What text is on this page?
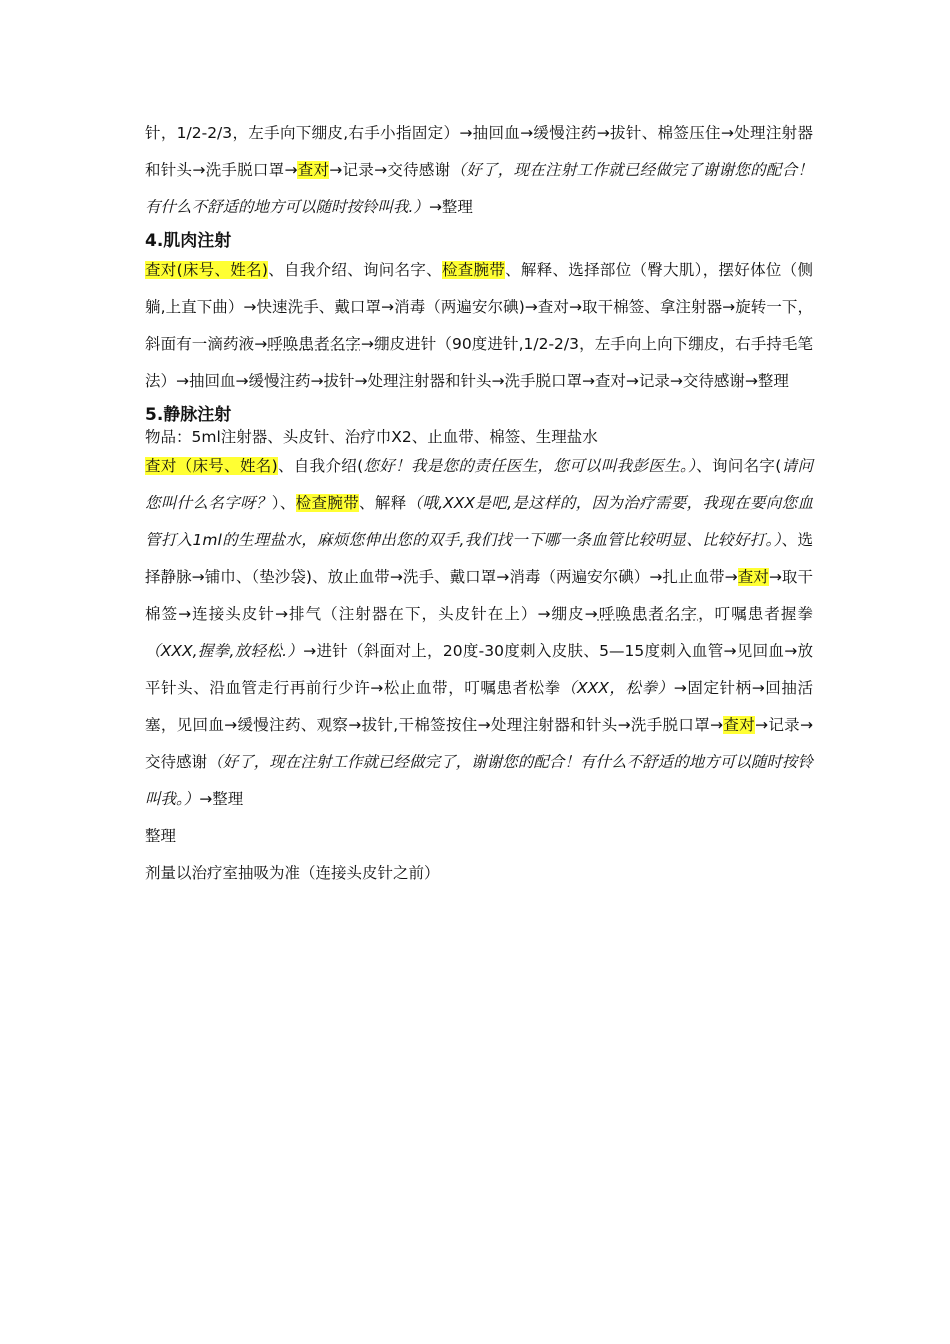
针，1/2-2/3，左手向下绷皮,右手小指固定）→抽回血→缓慢注药→拔针、棉签压住→处理注射器和针头→洗手脱口罩→查对→记录→交待感谢（好了，现在注射工作就已经做完了谢谢您的配合！有什么不舒适的地方可以随时按铃叫我.）→整理

4.肌肉注射

查对(床号、姓名)、自我介绍、询问名字、检查腕带、解释、选择部位（臀大肌），摆好体位（侧躺,上直下曲）→快速洗手、戴口罩→消毒（两遍安尔碘)→查对→取干棉签、拿注射器→旋转一下，斜面有一滴药液→呼唤患者名字→绷皮进针（90度进针,1/2-2/3，左手向上向下绷皮，右手持毛笔法）→抽回血→缓慢注药→拔针→处理注射器和针头→洗手脱口罩→查对→记录→交待感谢→整理

5.静脉注射

物品：5ml注射器、头皮针、治疗巾X2、止血带、棉签、生理盐水

查对（床号、姓名)、自我介绍(您好！我是您的责任医生，您可以叫我彭医生。）、询问名字(请问您叫什么名字呀？）、检查腕带、解释（哦,XXX是吧,是这样的，因为治疗需要，我现在要向您血管打入1ml的生理盐水，麻烦您伸出您的双手,我们找一下哪一条血管比较明显、比较好打。）、选择静脉→铺巾、（垫沙袋)、放止血带→洗手、戴口罩→消毒（两遍安尔碘）→扎止血带→查对→取干棉签→连接头皮针→排气（注射器在下，头皮针在上）→绷皮→呼唤患者名字，叮嘱患者握拳（XXX,握拳,放轻松.）→进针（斜面对上，20度-30度刺入皮肤、5—15度刺入血管→见回血→放平针头、沿血管走行再前行少许→松止血带，叮嘱患者松拳（XXX，松拳）→固定针柄→回抽活塞，见回血→缓慢注药、观察→拔针,干棉签按住→处理注射器和针头→洗手脱口罩→查对→记录→交待感谢（好了，现在注射工作就已经做完了，谢谢您的配合！有什么不舒适的地方可以随时按铃叫我。）→整理

整理

剂量以治疗室抽吸为准（连接头皮针之前）
